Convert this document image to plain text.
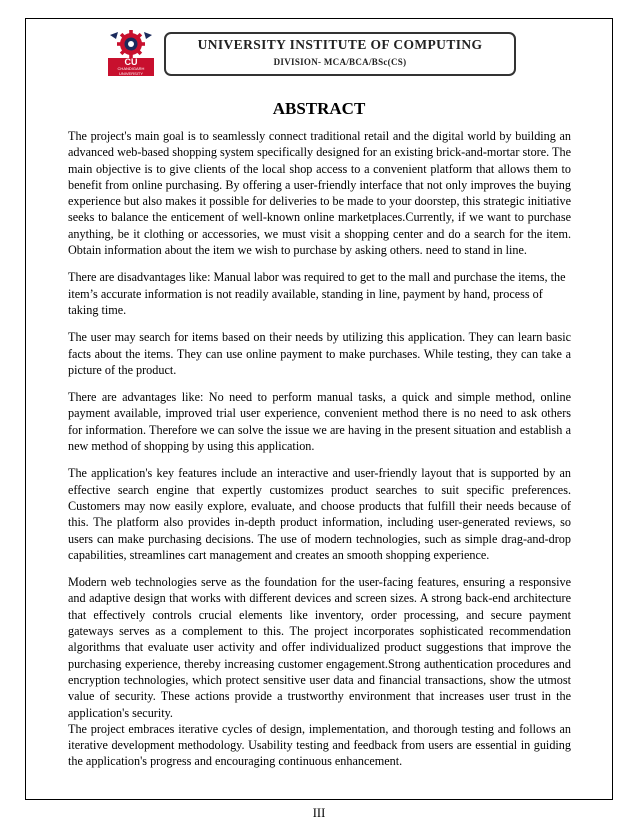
CU
CHANDIGARH
UNIVERSITY
UNIVERSITY INSTITUTE OF COMPUTING
DIVISION- MCA/BCA/BSc(CS)
ABSTRACT

The project's main goal is to seamlessly connect traditional retail and the digital world by building an advanced web-based shopping system specifically designed for an existing brick-and-mortar store. The main objective is to give clients of the local shop access to a convenient platform that allows them to benefit from online purchasing. By offering a user-friendly interface that not only improves the buying experience but also makes it possible for deliveries to be made to your doorstep, this strategic initiative seeks to balance the enticement of well-known online marketplaces.Currently, if we want to purchase anything, be it clothing or accessories, we must visit a shopping center and do a search for the item. Obtain information about the item we wish to purchase by asking others. need to stand in line.

There are disadvantages like: Manual labor was required to get to the mall and purchase the items, the item’s accurate information is not readily available, standing in line, payment by hand, process of taking time.

The user may search for items based on their needs by utilizing this application. They can learn basic facts about the items. They can use online payment to make purchases. While testing, they can take a picture of the product.

There are advantages like: No need to perform manual tasks, a quick and simple method, online payment available, improved trial user experience, convenient method there is no need to ask others for information. Therefore we can solve the issue we are having in the present situation and establish a new method of shopping by using this application.

The application's key features include an interactive and user-friendly layout that is supported by an effective search engine that expertly customizes product searches to suit specific preferences. Customers may now easily explore, evaluate, and choose products that fulfill their needs because of this. The platform also provides in-depth product information, including user-generated reviews, so users can make purchasing decisions. The use of modern technologies, such as simple drag-and-drop capabilities, streamlines cart management and creates an smooth shopping experience.

Modern web technologies serve as the foundation for the user-facing features, ensuring a responsive and adaptive design that works with different devices and screen sizes. A strong back-end architecture that effectively controls crucial elements like inventory, order processing, and secure payment gateways serves as a complement to this. The project incorporates sophisticated recommendation algorithms that evaluate user activity and offer individualized product suggestions that improve the purchasing experience, thereby increasing customer engagement.Strong authentication procedures and encryption technologies, which protect sensitive user data and financial transactions, show the utmost value of security. These actions provide a trustworthy environment that increases user trust in the application's security.

The project embraces iterative cycles of design, implementation, and thorough testing and follows an iterative development methodology. Usability testing and feedback from users are essential in guiding the application's progress and encouraging continuous enhancement.

III
